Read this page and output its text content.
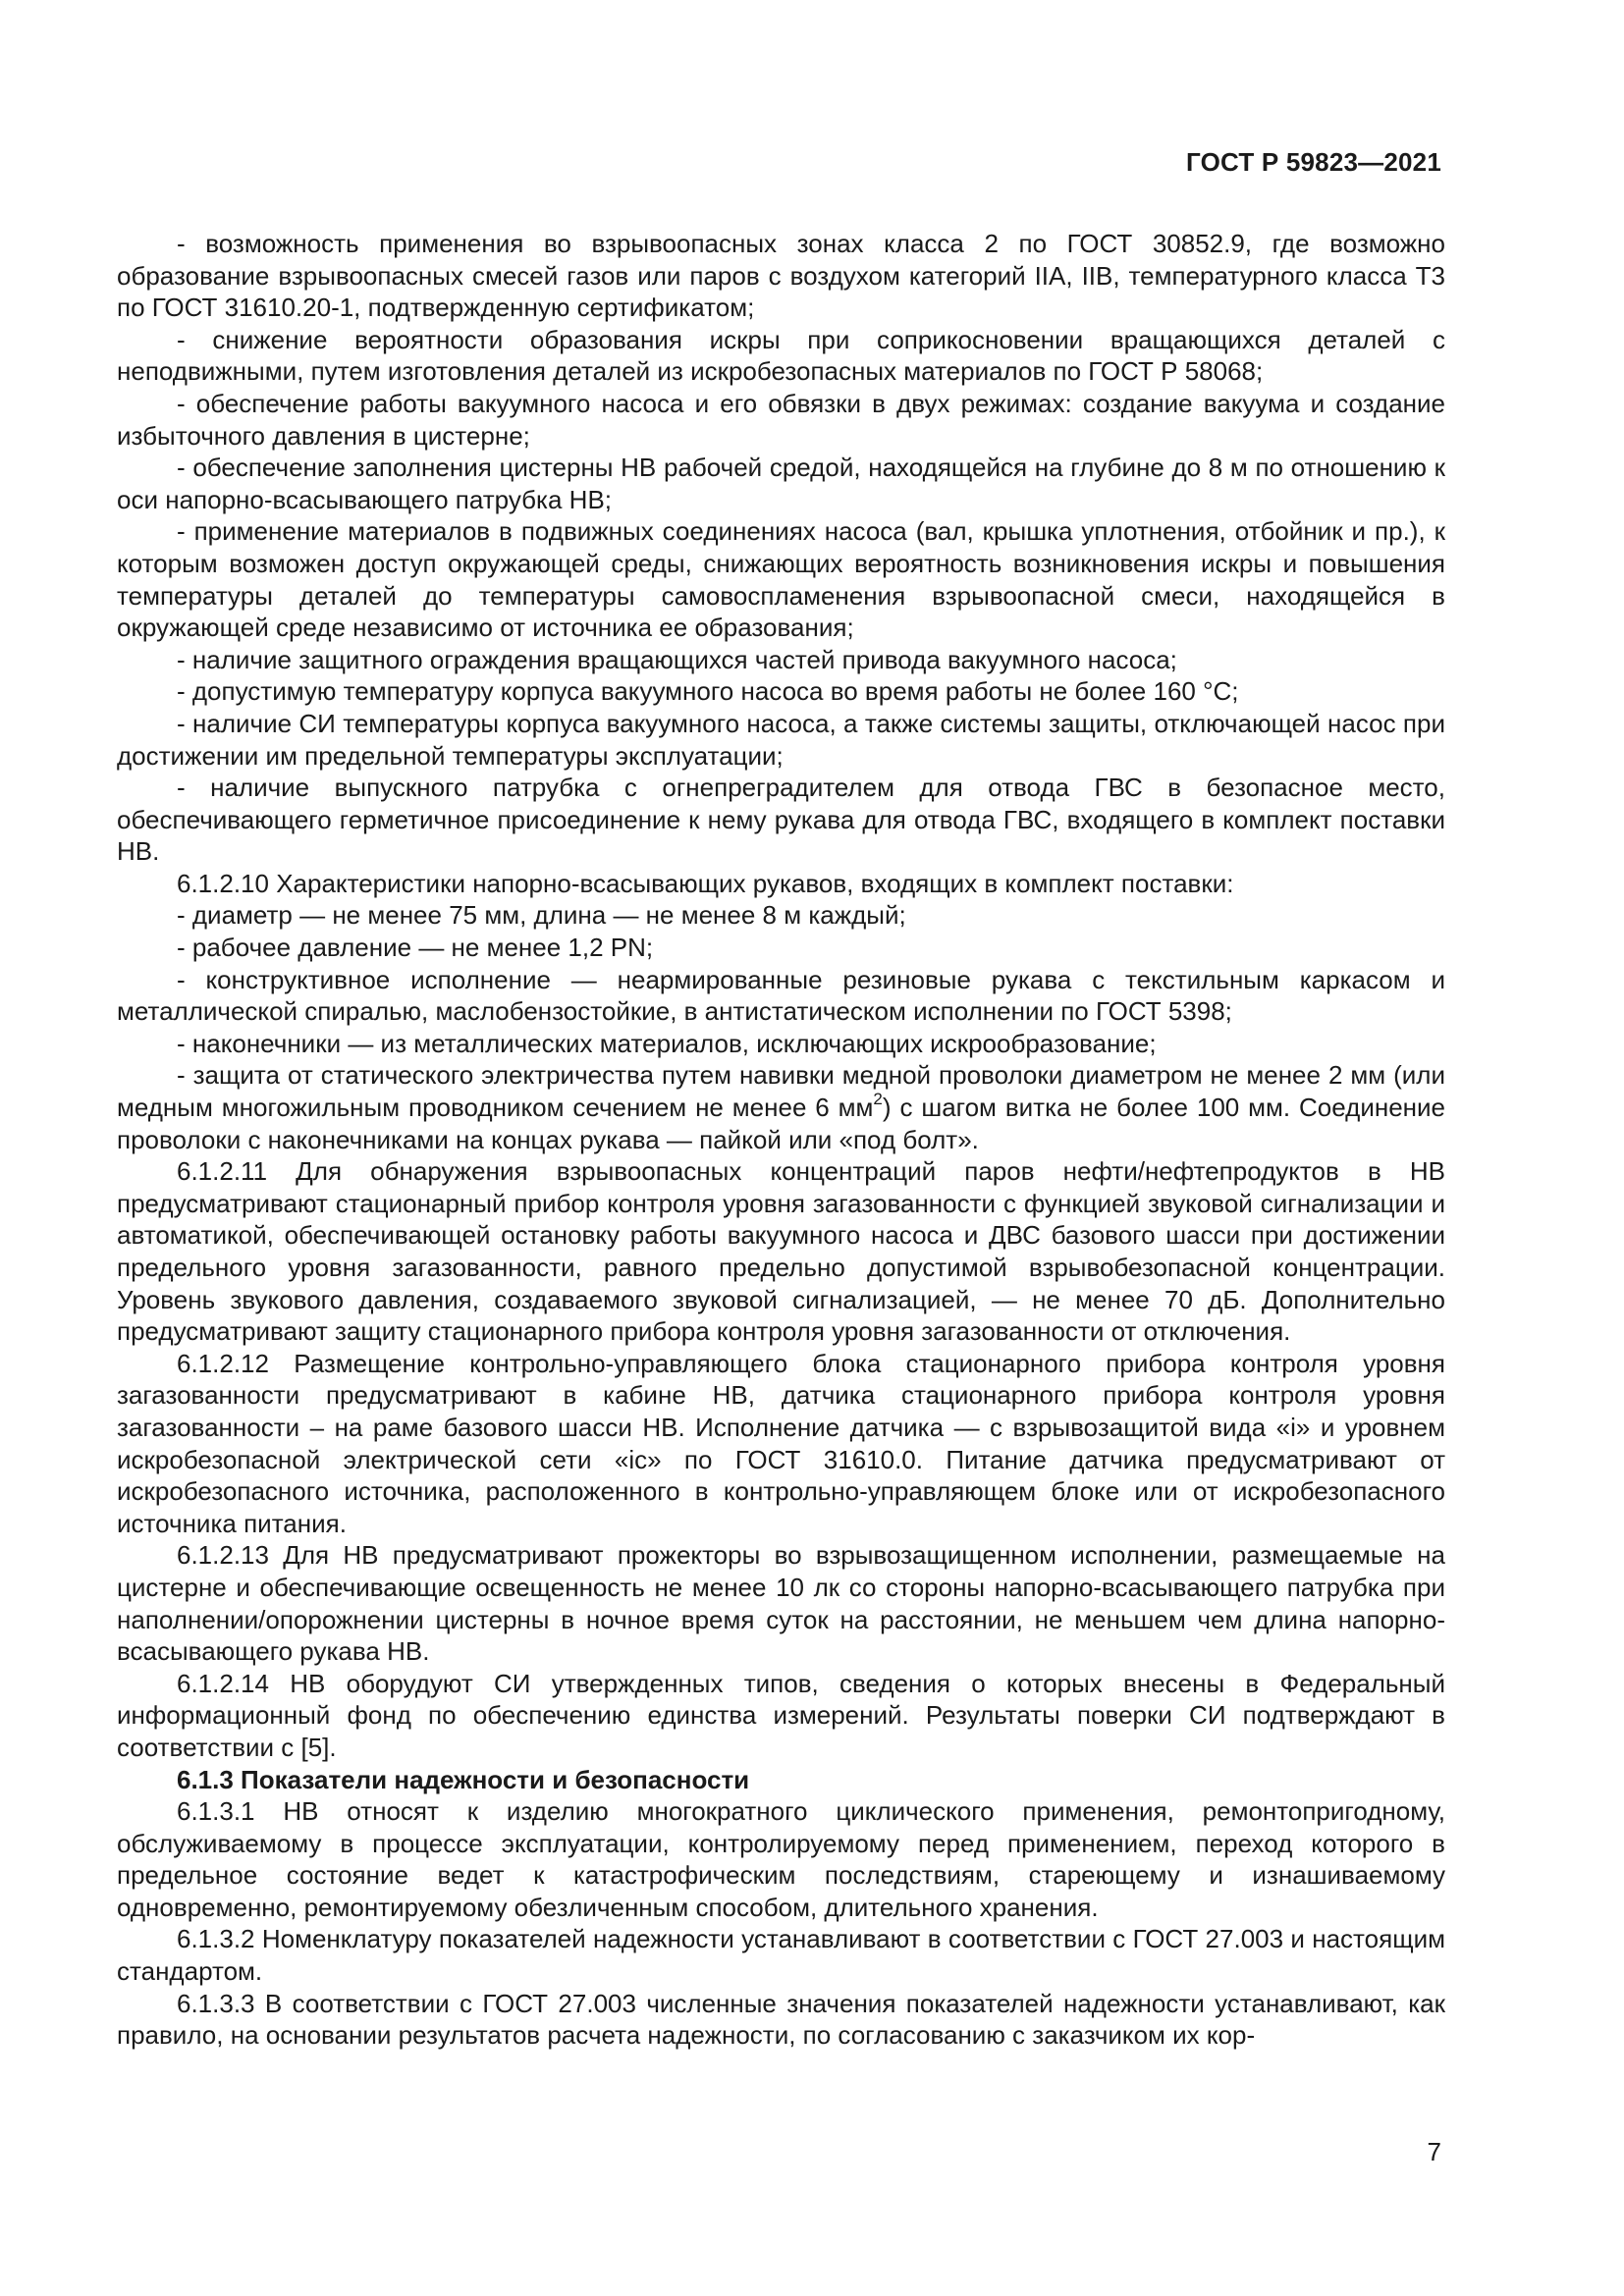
ГОСТ Р 59823—2021

- возможность применения во взрывоопасных зонах класса 2 по ГОСТ 30852.9, где возможно образование взрывоопасных смесей газов или паров с воздухом категорий IIA, IIB, температурного класса Т3 по ГОСТ 31610.20-1, подтвержденную сертификатом;

- снижение вероятности образования искры при соприкосновении вращающихся деталей с неподвижными, путем изготовления деталей из искробезопасных материалов по ГОСТ Р 58068;

- обеспечение работы вакуумного насоса и его обвязки в двух режимах: создание вакуума и создание избыточного давления в цистерне;

- обеспечение заполнения цистерны НВ рабочей средой, находящейся на глубине до 8 м по отношению к оси напорно-всасывающего патрубка НВ;

- применение материалов в подвижных соединениях насоса (вал, крышка уплотнения, отбойник и пр.), к которым возможен доступ окружающей среды, снижающих вероятность возникновения искры и повышения температуры деталей до температуры самовоспламенения взрывоопасной смеси, находящейся в окружающей среде независимо от источника ее образования;

- наличие защитного ограждения вращающихся частей привода вакуумного насоса;

- допустимую температуру корпуса вакуумного насоса во время работы не более 160 °С;

- наличие СИ температуры корпуса вакуумного насоса, а также системы защиты, отключающей насос при достижении им предельной температуры эксплуатации;

- наличие выпускного патрубка с огнепреградителем для отвода ГВС в безопасное место, обеспечивающего герметичное присоединение к нему рукава для отвода ГВС, входящего в комплект поставки НВ.

6.1.2.10 Характеристики напорно-всасывающих рукавов, входящих в комплект поставки:

- диаметр — не менее 75 мм, длина — не менее 8 м каждый;

- рабочее давление — не менее 1,2 PN;

- конструктивное исполнение — неармированные резиновые рукава с текстильным каркасом и металлической спиралью, маслобензостойкие, в антистатическом исполнении по ГОСТ 5398;

- наконечники — из металлических материалов, исключающих искрообразование;

- защита от статического электричества путем навивки медной проволоки диаметром не менее 2 мм (или медным многожильным проводником сечением не менее 6 $мм^2$) с шагом витка не более 100 мм. Соединение проволоки с наконечниками на концах рукава — пайкой или «под болт».

6.1.2.11 Для обнаружения взрывоопасных концентраций паров нефти/нефтепродуктов в НВ предусматривают стационарный прибор контроля уровня загазованности с функцией звуковой сигнализации и автоматикой, обеспечивающей остановку работы вакуумного насоса и ДВС базового шасси при достижении предельного уровня загазованности, равного предельно допустимой взрывобезопасной концентрации. Уровень звукового давления, создаваемого звуковой сигнализацией, — не менее 70 дБ. Дополнительно предусматривают защиту стационарного прибора контроля уровня загазованности от отключения.

6.1.2.12 Размещение контрольно-управляющего блока стационарного прибора контроля уровня загазованности предусматривают в кабине НВ, датчика стационарного прибора контроля уровня загазованности – на раме базового шасси НВ. Исполнение датчика — с взрывозащитой вида «i» и уровнем искробезопасной электрической сети «ic» по ГОСТ 31610.0. Питание датчика предусматривают от искробезопасного источника, расположенного в контрольно-управляющем блоке или от искробезопасного источника питания.

6.1.2.13 Для НВ предусматривают прожекторы во взрывозащищенном исполнении, размещаемые на цистерне и обеспечивающие освещенность не менее 10 лк со стороны напорно-всасывающего патрубка при наполнении/опорожнении цистерны в ночное время суток на расстоянии, не меньшем чем длина напорно-всасывающего рукава НВ.

6.1.2.14 НВ оборудуют СИ утвержденных типов, сведения о которых внесены в Федеральный информационный фонд по обеспечению единства измерений. Результаты поверки СИ подтверждают в соответствии с [5].

6.1.3 Показатели надежности и безопасности

6.1.3.1 НВ относят к изделию многократного циклического применения, ремонтопригодному, обслуживаемому в процессе эксплуатации, контролируемому перед применением, переход которого в предельное состояние ведет к катастрофическим последствиям, стареющему и изнашиваемому одновременно, ремонтируемому обезличенным способом, длительного хранения.

6.1.3.2 Номенклатуру показателей надежности устанавливают в соответствии с ГОСТ 27.003 и настоящим стандартом.

6.1.3.3 В соответствии с ГОСТ 27.003 численные значения показателей надежности устанавливают, как правило, на основании результатов расчета надежности, по согласованию с заказчиком их кор-

7
